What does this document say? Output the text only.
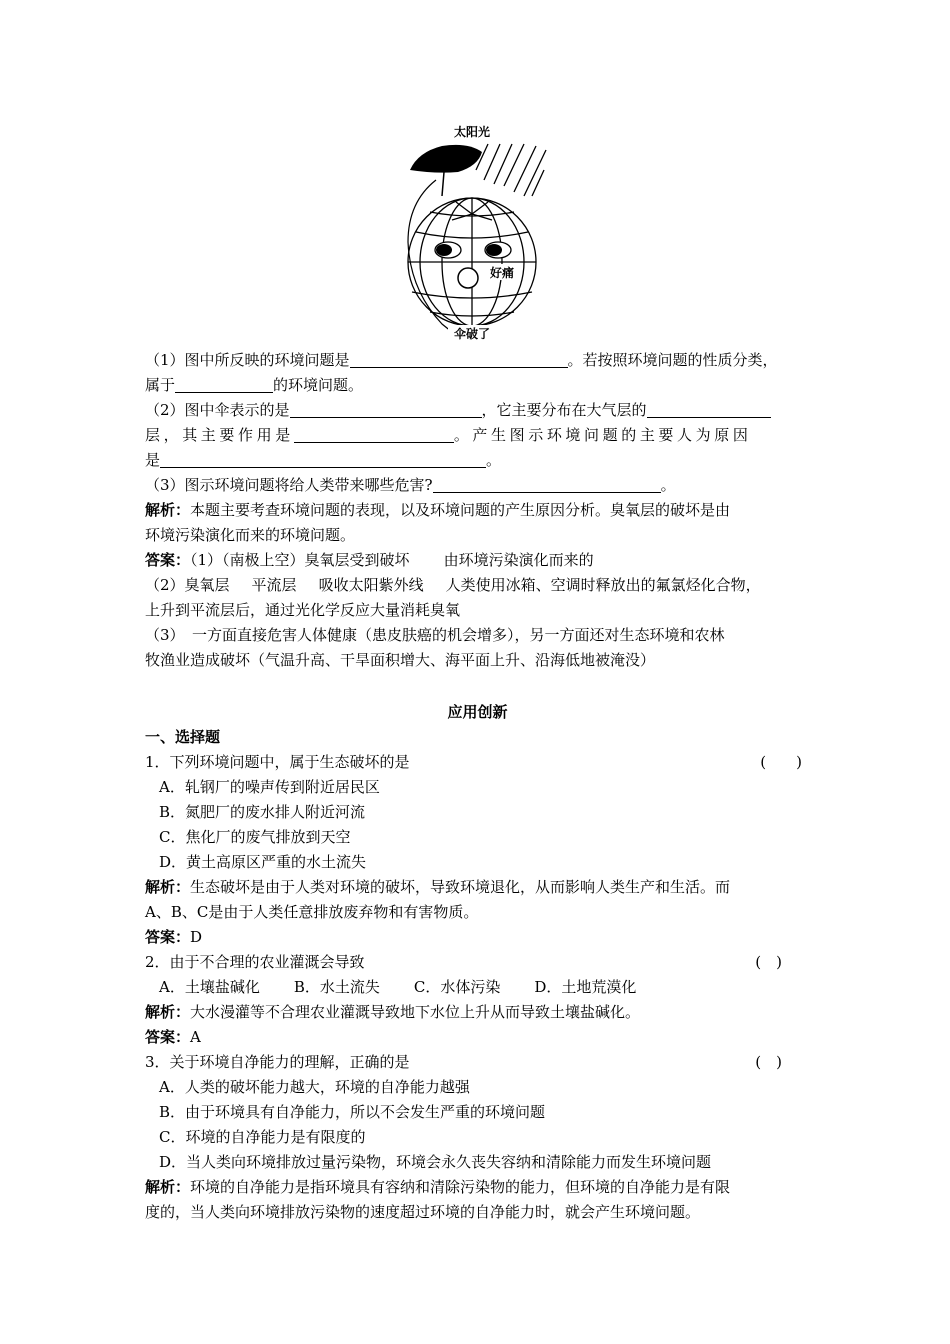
太阳光
好痛
伞破了
（1）图中所反映的环境问题是	。若按照环境问题的性质分类，
属于	的环境问题。
（2）图中伞表示的是	，它主要分布在大气层的
层，其主要作用是	。产生图示环境问题的主要人为原因
是	。
（3）图示环境问题将给人类带来哪些危害?	。
解析：本题主要考查环境问题的表现，以及环境问题的产生原因分析。臭氧层的破坏是由
环境污染演化而来的环境问题。
答案：（1）（南极上空）臭氧层受到破坏 由环境污染演化而来的
（2）臭氧层 平流层 吸收太阳紫外线 人类使用冰箱、空调时释放出的氟氯烃化合物，
上升到平流层后，通过光化学反应大量消耗臭氧
（3）　一方面直接危害人体健康（患皮肤癌的机会增多），另一方面还对生态环境和农林
牧渔业造成破坏（气温升高、干旱面积增大、海平面上升、沿海低地被淹没）
应用创新
一、选择题
1．下列环境问题中，属于生态破坏的是	(　　)
A．轧钢厂的噪声传到附近居民区
B．氮肥厂的废水排人附近河流
C．焦化厂的废气排放到天空
D．黄土高原区严重的水土流失
解析：生态破坏是由于人类对环境的破坏，导致环境退化，从而影响人类生产和生活。而
A、B、C是由于人类任意排放废弃物和有害物质。
答案：D
2．由于不合理的农业灌溉会导致	(　)
A．土壤盐碱化 B．水土流失 C．水体污染 D．土地荒漠化
解析：大水漫灌等不合理农业灌溉导致地下水位上升从而导致土壤盐碱化。
答案：A
3．关于环境自净能力的理解，正确的是	(　)
A．人类的破坏能力越大，环境的自净能力越强
B．由于环境具有自净能力，所以不会发生严重的环境问题
C．环境的自净能力是有限度的
D．当人类向环境排放过量污染物，环境会永久丧失容纳和清除能力而发生环境问题
解析：环境的自净能力是指环境具有容纳和清除污染物的能力，但环境的自净能力是有限
度的，当人类向环境排放污染物的速度超过环境的自净能力时，就会产生环境问题。
